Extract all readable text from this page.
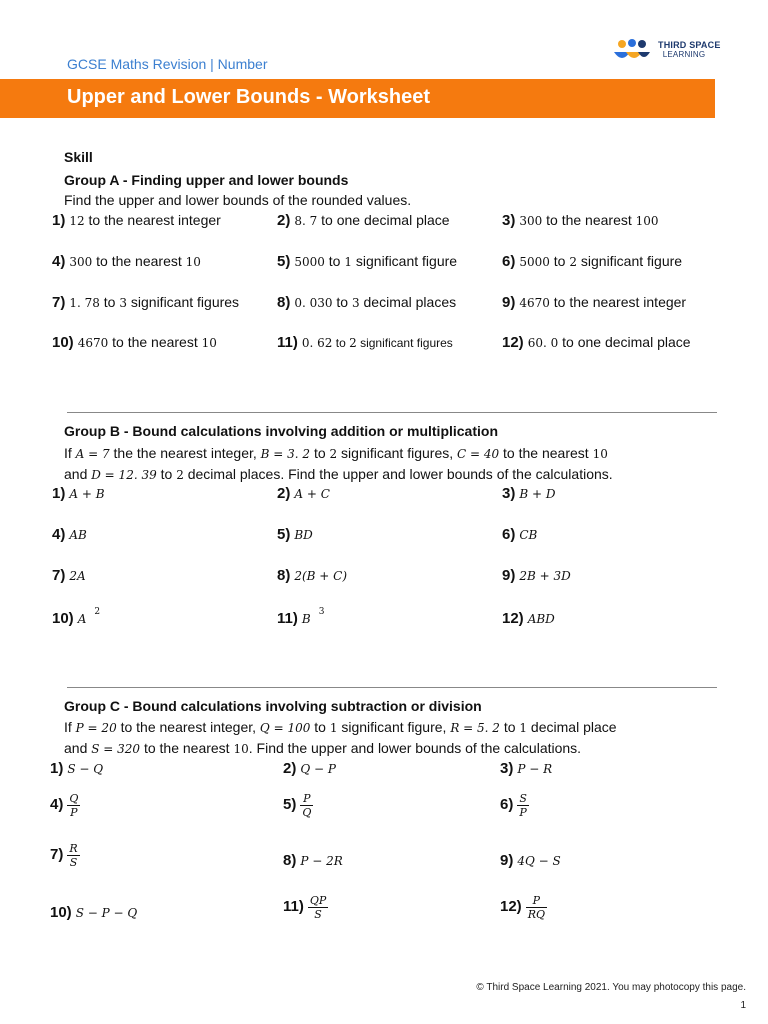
GCSE Maths Revision | Number
THIRD SPACE
LEARNING
Upper and Lower Bounds - Worksheet
Skill
Group A - Finding upper and lower bounds
Find the upper and lower bounds of the rounded values.
1) 12 to the nearest integer	2) 8. 7 to one decimal place	3) 300 to the nearest 100
4) 300 to the nearest 10	5) 5000 to 1 significant figure	6) 5000 to 2 significant figure
7) 1. 78 to 3 significant figures	8) 0. 030 to 3 decimal places	9) 4670 to the nearest integer
10) 4670 to the nearest 10	11) 0. 62 to 2 significant figures	12) 60. 0 to one decimal place
Group B - Bound calculations involving addition or multiplication
If A = 7 the the nearest integer, B = 3. 2 to 2 significant figures, C = 40 to the nearest 10
and D = 12. 39 to 2 decimal places. Find the upper and lower bounds of the calculations.
1) A + B	2) A + C	3) B + D
4) AB	5) BD	6) CB
7) 2A	8) 2(B + C)	9) 2B + 3D
10) A $^2$	11) B $^3$	12) ABD
Group C - Bound calculations involving subtraction or division
If P = 20 to the nearest integer, Q = 100 to 1 significant figure, R = 5. 2 to 1 decimal place
and S = 320 to the nearest 10. Find the upper and lower bounds of the calculations.
1) S − Q	2) Q − P	3) P − R
$4) \frac{Q}{P}$	$5) \frac{P}{Q}$	$6) \frac{S}{P}$
$7) \frac{R}{S}$	8) P − 2R	9) 4Q − S
10) S − P − Q	$11) \frac{QP}{S}$	$12) \frac{P}{RQ}$
© Third Space Learning 2021. You may photocopy this page.
1
